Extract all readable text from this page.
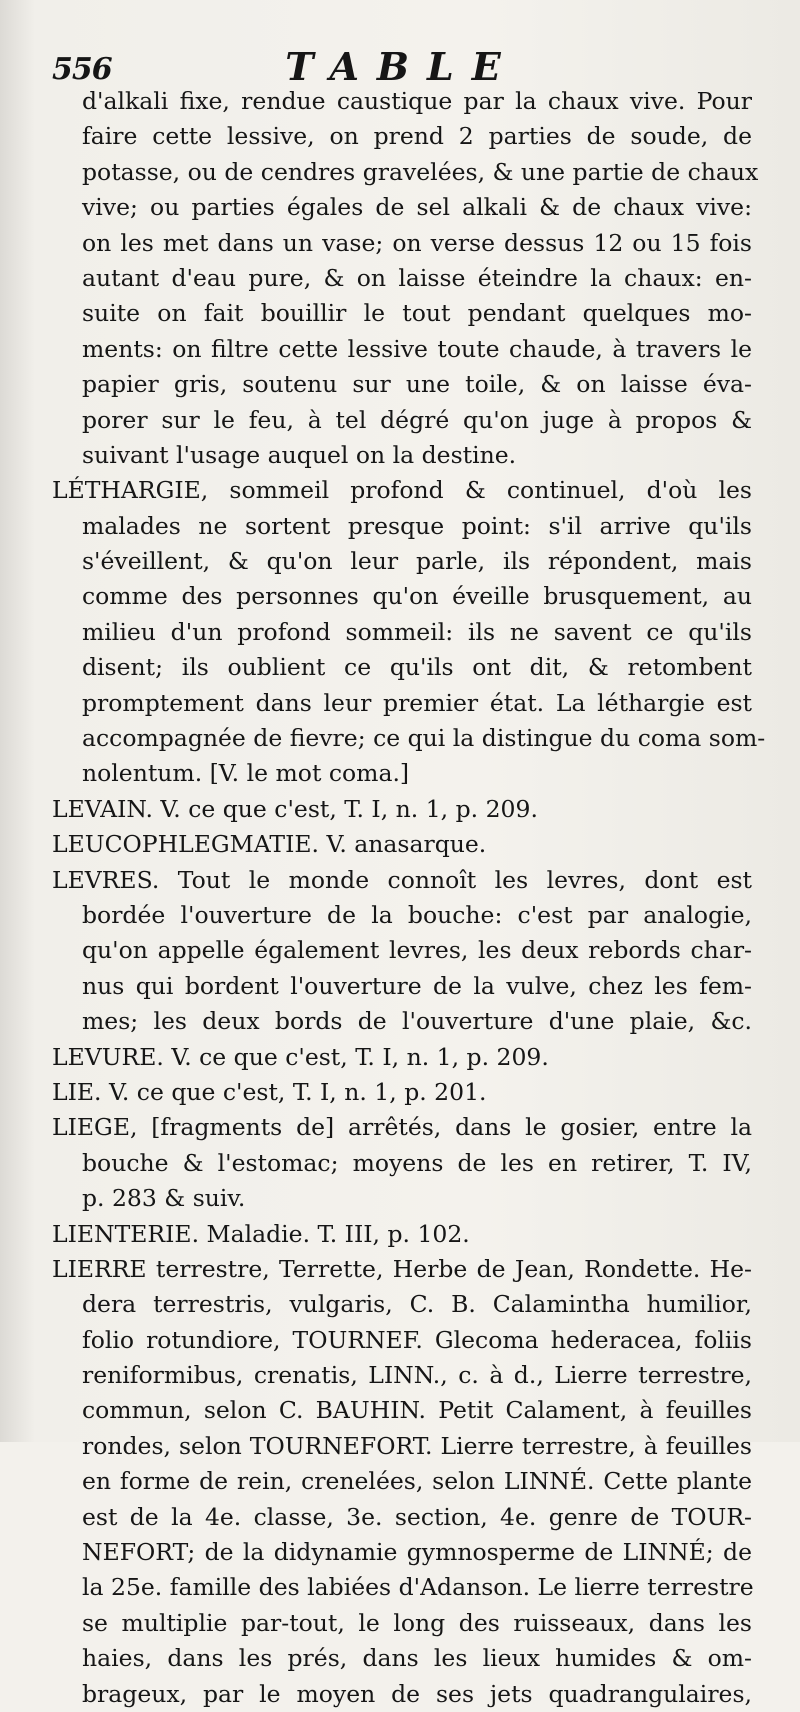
556	TABLE
d'alkali fixe, rendue caustique par la chaux vive. Pour
faire cette lessive, on prend 2 parties de soude, de
potasse, ou de cendres gravelées, & une partie de chaux
vive; ou parties égales de sel alkali & de chaux vive:
on les met dans un vase; on verse dessus 12 ou 15 fois
autant d'eau pure, & on laisse éteindre la chaux: en-
suite on fait bouillir le tout pendant quelques mo-
ments: on filtre cette lessive toute chaude, à travers le
papier gris, soutenu sur une toile, & on laisse éva-
porer sur le feu, à tel dégré qu'on juge à propos &
suivant l'usage auquel on la destine.
LÉTHARGIE, sommeil profond & continuel, d'où les
malades ne sortent presque point: s'il arrive qu'ils
s'éveillent, & qu'on leur parle, ils répondent, mais
comme des personnes qu'on éveille brusquement, au
milieu d'un profond sommeil: ils ne savent ce qu'ils
disent; ils oublient ce qu'ils ont dit, & retombent
promptement dans leur premier état. La léthargie est
accompagnée de fievre; ce qui la distingue du coma som-
nolentum. [V. le mot coma.]
LEVAIN. V. ce que c'est, T. I, n. 1, p. 209.
LEUCOPHLEGMATIE. V. anasarque.
LEVRES. Tout le monde connoît les levres, dont est
bordée l'ouverture de la bouche: c'est par analogie,
qu'on appelle également levres, les deux rebords char-
nus qui bordent l'ouverture de la vulve, chez les fem-
mes; les deux bords de l'ouverture d'une plaie, &c.
LEVURE. V. ce que c'est, T. I, n. 1, p. 209.
LIE. V. ce que c'est, T. I, n. 1, p. 201.
LIEGE, [fragments de] arrêtés, dans le gosier, entre la
bouche & l'estomac; moyens de les en retirer, T. IV,
p. 283 & suiv.
LIENTERIE. Maladie. T. III, p. 102.
LIERRE terrestre, Terrette, Herbe de Jean, Rondette. He-
dera terrestris, vulgaris, C. B. Calamintha humilior,
folio rotundiore, TOURNEF. Glecoma hederacea, foliis
reniformibus, crenatis, LINN., c. à d., Lierre terrestre,
commun, selon C. BAUHIN. Petit Calament, à feuilles
rondes, selon TOURNEFORT. Lierre terrestre, à feuilles
en forme de rein, crenelées, selon LINNÉ. Cette plante
est de la 4e. classe, 3e. section, 4e. genre de TOUR-
NEFORT; de la didynamie gymnosperme de LINNÉ; de
la 25e. famille des labiées d'Adanson. Le lierre terrestre
se multiplie par-tout, le long des ruisseaux, dans les
haies, dans les prés, dans les lieux humides & om-
brageux, par le moyen de ses jets quadrangulaires,
